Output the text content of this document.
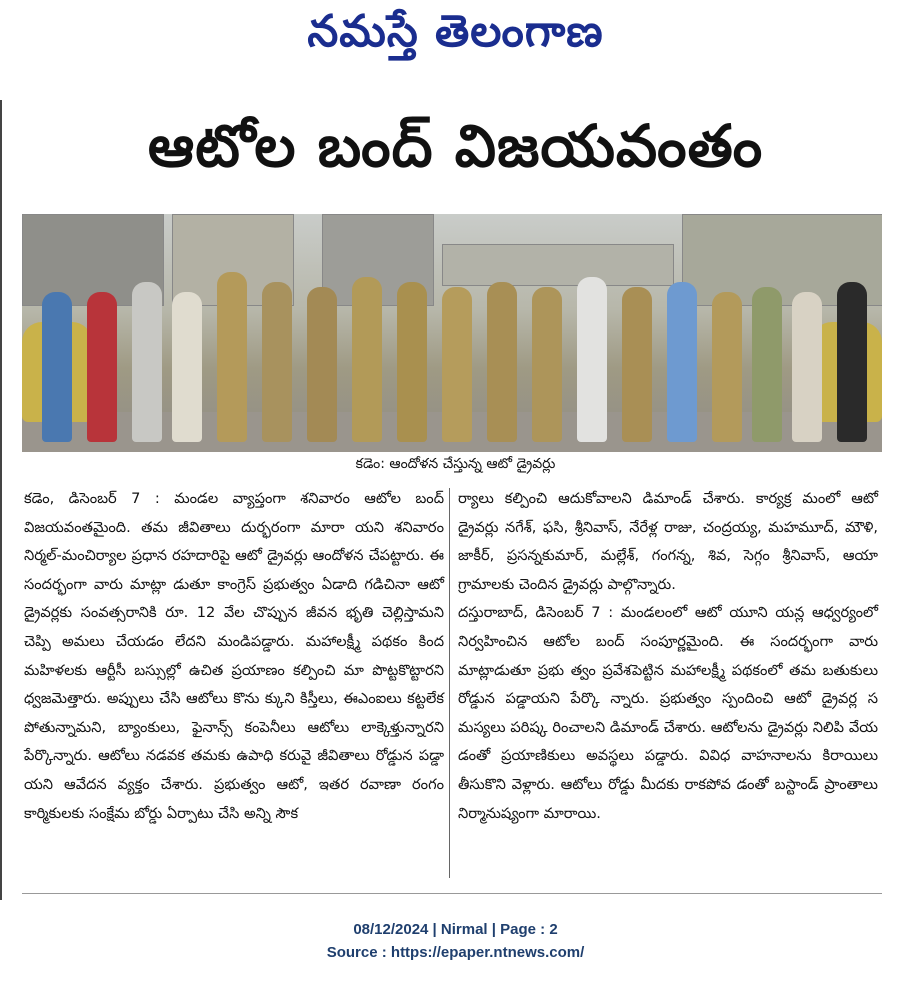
నమస్తే తెలంగాణ
ఆటోల బంద్ విజయవంతం
కడెం: ఆందోళన చేస్తున్న ఆటో డ్రైవర్లు

కడెం, డిసెంబర్ 7 : మండల వ్యాప్తంగా శనివారం ఆటోల బంద్ విజయవంతమైంది. తమ జీవితాలు దుర్భరంగా మారా యని శనివారం నిర్మల్-మంచిర్యాల ప్రధాన రహదారిపై ఆటో డ్రైవర్లు ఆందోళన చేపట్టారు. ఈ సందర్భంగా వారు మాట్లా డుతూ కాంగ్రెస్ ప్రభుత్వం ఏడాది గడిచినా ఆటో డ్రైవర్లకు సంవత్సరానికి రూ. 12 వేల చొప్పున జీవన భృతి చెల్లిస్తామని చెప్పి అమలు చేయడం లేదని మండిపడ్డారు. మహాలక్ష్మీ పథకం కింద మహిళలకు ఆర్టీసీ బస్సుల్లో ఉచిత ప్రయాణం కల్పించి మా పొట్టకొట్టారని ధ్వజమెత్తారు. అప్పులు చేసి ఆటోలు కొను క్కుని కిస్తీలు, ఈఎంఐలు కట్టలేక పోతున్నామని, బ్యాంకులు, ఫైనాన్స్ కంపెనీలు ఆటోలు లాక్కెళ్తున్నారని పేర్కొన్నారు. ఆటోలు నడవక తమకు ఉపాధి కరువై జీవితాలు రోడ్డున పడ్డా యని ఆవేదన వ్యక్తం చేశారు. ప్రభుత్వం ఆటో, ఇతర రవాణా రంగం కార్మికులకు సంక్షేమ బోర్డు ఏర్పాటు చేసి అన్ని సౌక

ర్యాలు కల్పించి ఆదుకోవాలని డిమాండ్ చేశారు. కార్యక్ర మంలో ఆటో డ్రైవర్లు నగేశ్, ఫసి, శ్రీనివాస్, నేరేళ్ల రాజు, చంద్రయ్య, మహమూద్, మౌళి, జాకీర్, ప్రసన్నకుమార్, మల్లేశ్, గంగన్న, శివ, సెగ్గం శ్రీనివాస్, ఆయా గ్రామాలకు చెందిన డ్రైవర్లు పాల్గొన్నారు.

దస్తురాబాద్, డిసెంబర్ 7 : మండలంలో ఆటో యూని యన్ల ఆధ్వర్యంలో నిర్వహించిన ఆటోల బంద్ సంపూర్ణమైంది. ఈ సందర్భంగా వారు మాట్లాడుతూ ప్రభు త్వం ప్రవేశపెట్టిన మహాలక్ష్మీ పథకంలో తమ బతుకులు రోడ్డున పడ్డాయని పేర్కొ న్నారు. ప్రభుత్వం స్పందించి ఆటో డ్రైవర్ల స మస్యలు పరిష్క రించాలని డిమాండ్ చేశారు. ఆటోలను డ్రైవర్లు నిలిపి వేయ డంతో ప్రయాణికులు అవస్థలు పడ్డారు. వివిధ వాహనాలను కిరాయిలు తీసుకొని వెళ్లారు. ఆటోలు రోడ్డు మీదకు రాకపోవ డంతో బస్టాండ్ ప్రాంతాలు నిర్మానుష్యంగా మారాయి.

08/12/2024 | Nirmal | Page : 2
Source : https://epaper.ntnews.com/
